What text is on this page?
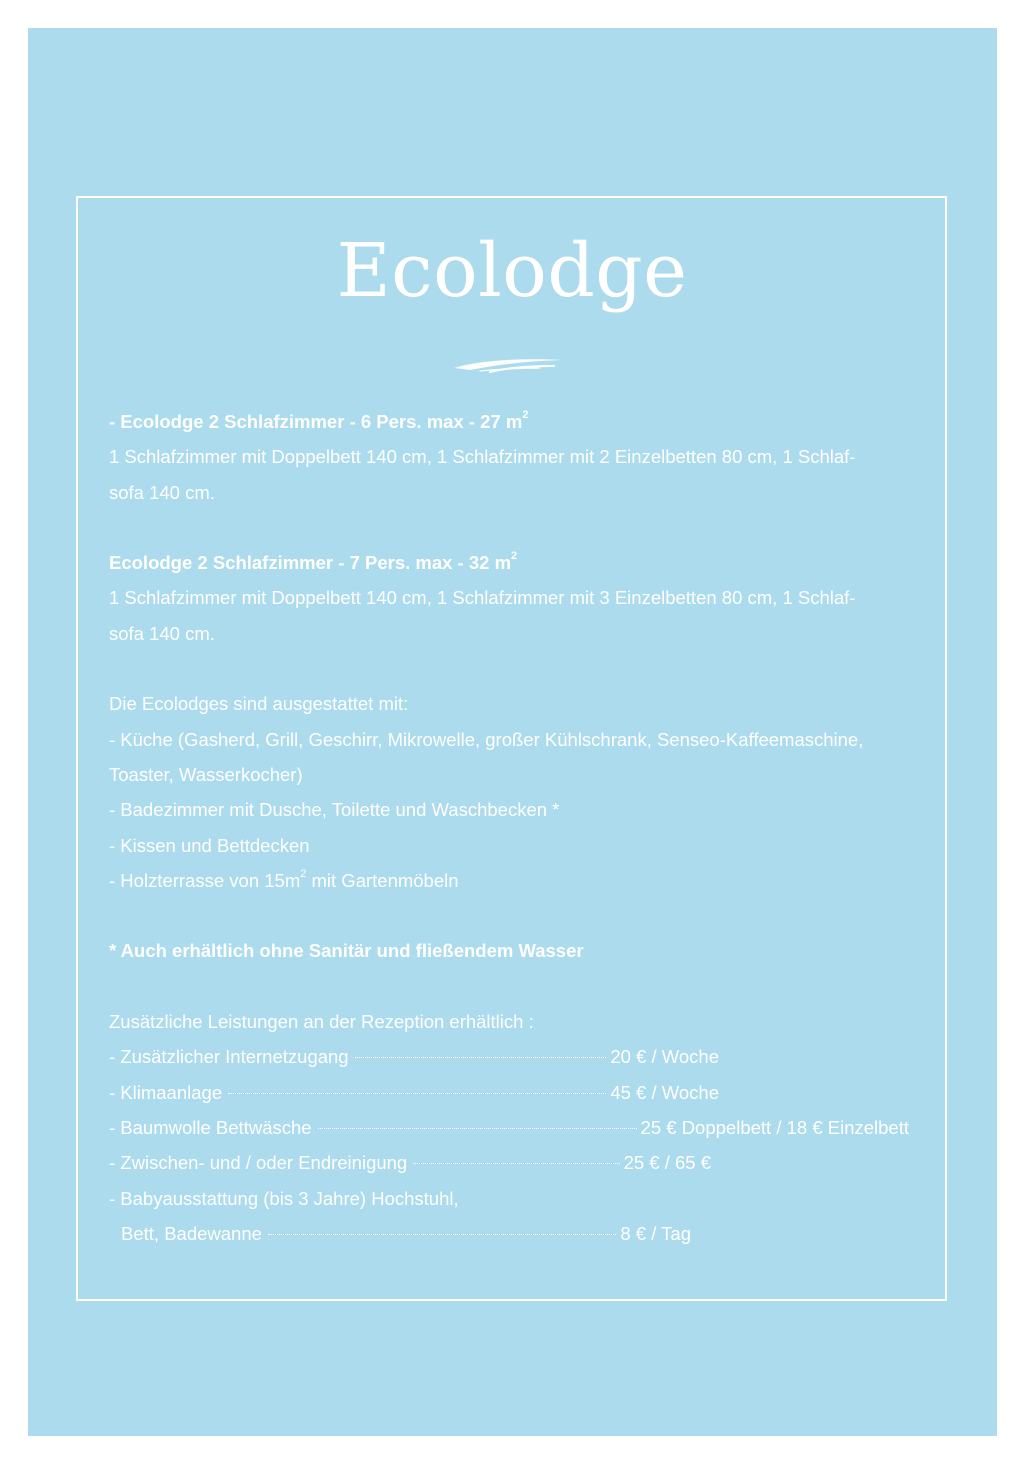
Ecolodge

- Ecolodge 2 Schlafzimmer - 6 Pers. max - 27 $m^2$

1 Schlafzimmer mit Doppelbett 140 cm, 1 Schlafzimmer mit 2 Einzelbetten 80 cm, 1 Schlaf-

sofa 140 cm.

Ecolodge 2 Schlafzimmer - 7 Pers. max - 32 $m^2$

1 Schlafzimmer mit Doppelbett 140 cm, 1 Schlafzimmer mit 3 Einzelbetten 80 cm, 1 Schlaf-

sofa 140 cm.

Die Ecolodges sind ausgestattet mit:

- Küche (Gasherd, Grill, Geschirr, Mikrowelle, großer Kühlschrank, Senseo-Kaffeemaschine,

Toaster, Wasserkocher)

- Badezimmer mit Dusche, Toilette und Waschbecken *

- Kissen und Bettdecken

- Holzterrasse von $15m^2$ mit Gartenmöbeln

* Auch erhältlich ohne Sanitär und fließendem Wasser

Zusätzliche Leistungen an der Rezeption erhältlich :

- Zusätzlicher Internetzugang	20 € / Woche
- Klimaanlage	45 € / Woche
- Baumwolle Bettwäsche	25 € Doppelbett / 18 € Einzelbett
- Zwischen- und / oder Endreinigung	25 € / 65 €

- Babyausstattung (bis 3 Jahre) Hochstuhl,

Bett, Badewanne	8 € / Tag
